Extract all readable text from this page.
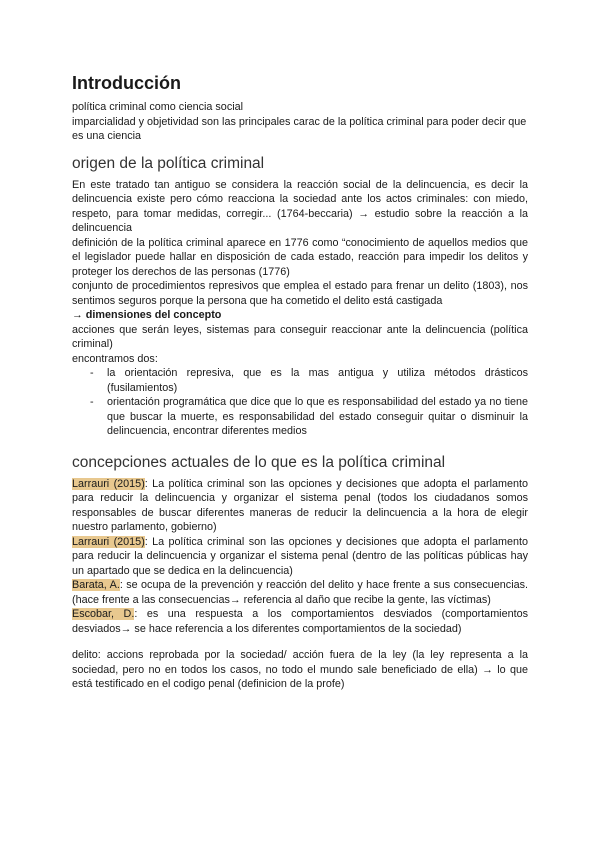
Introducción

política criminal como ciencia social

imparcialidad y objetividad son las principales carac de la política criminal para poder decir que es una ciencia

origen de la política criminal

En este tratado tan antiguo se considera la reacción social de la delincuencia, es decir la delincuencia existe pero cómo reacciona la sociedad ante los actos criminales: con miedo, respeto, para tomar medidas, corregir... (1764-beccaria) → estudio sobre la reacción a la delincuencia

definición de la política criminal aparece en 1776 como “conocimiento de aquellos medios que el legislador puede hallar en disposición de cada estado, reacción para impedir los delitos y proteger los derechos de las personas (1776)

conjunto de procedimientos represivos que emplea el estado para frenar un delito (1803), nos sentimos seguros porque la persona que ha cometido el delito está castigada

→ dimensiones del concepto

acciones que serán leyes, sistemas para conseguir reaccionar ante la delincuencia (política criminal)

encontramos dos:

- la orientación represiva, que es la mas antigua y utiliza métodos drásticos (fusilamientos)
- orientación programática que dice que lo que es responsabilidad del estado ya no tiene que buscar la muerte, es responsabilidad del estado conseguir quitar o disminuir la delincuencia, encontrar diferentes medios
concepciones actuales de lo que es la política criminal

Larrauri (2015): La política criminal son las opciones y decisiones que adopta el parlamento para reducir la delincuencia y organizar el sistema penal (todos los ciudadanos somos responsables de buscar diferentes maneras de reducir la delincuencia a la hora de elegir nuestro parlamento, gobierno)

Larrauri (2015): La política criminal son las opciones y decisiones que adopta el parlamento para reducir la delincuencia y organizar el sistema penal (dentro de las políticas públicas hay un apartado que se dedica en la delincuencia)

Barata, A.: se ocupa de la prevención y reacción del delito y hace frente a sus consecuencias. (hace frente a las consecuencias→ referencia al daño que recibe la gente, las víctimas)

Escobar, D.: es una respuesta a los comportamientos desviados (comportamientos desviados→ se hace referencia a los diferentes comportamientos de la sociedad)

delito: accions reprobada por la sociedad/ acción fuera de la ley (la ley representa a la sociedad, pero no en todos los casos, no todo el mundo sale beneficiado de ella) → lo que está testificado en el codigo penal (definicion de la profe)
